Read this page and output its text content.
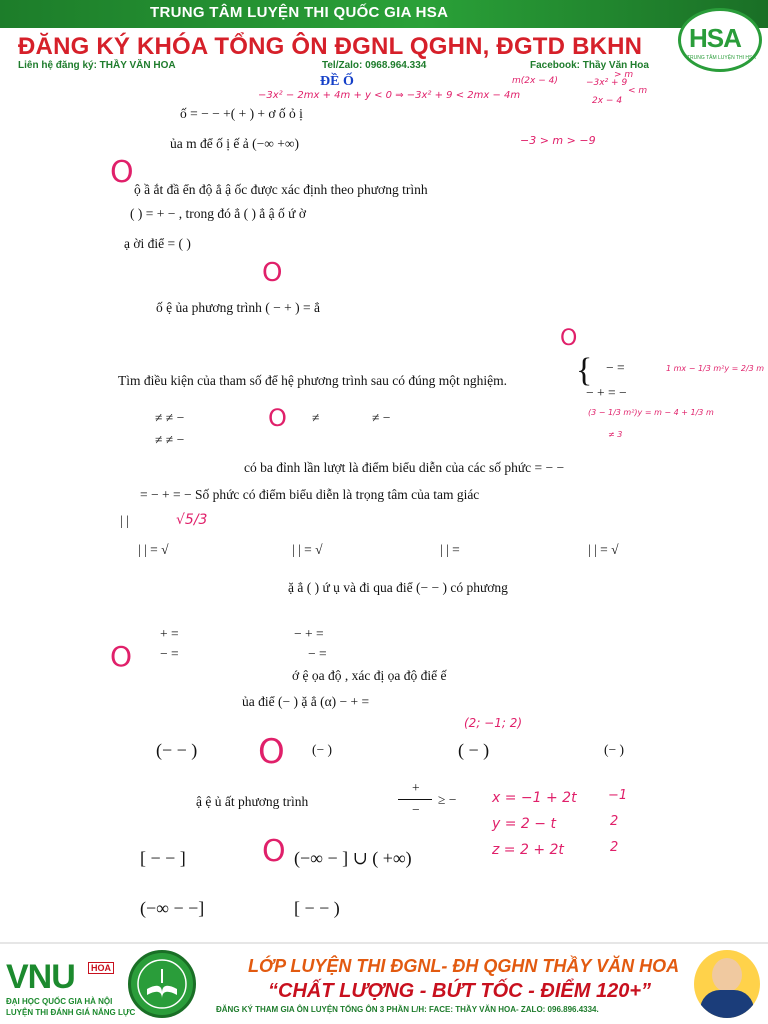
TRUNG TÂM LUYỆN THI QUỐC GIA HSA
ĐĂNG KÝ KHÓA TỔNG ÔN ĐGNL QGHN, ĐGTD BKHN
Liên hệ đăng ký: THẦY VĂN HOA	Tel/Zalo: 0968.964.334	Facebook: Thầy Văn Hoa
HSA
TRUNG TÂM LUYỆN THI HSA
ĐỀ Ố
ố = − − +( + ) + ơ ố ỏ ị
ủa m để ố ị ế ả (−∞ +∞)
ộ ầ ắt đầ ển độ ẳ ậ ốc được xác định theo phương trình
( ) = + − , trong đó ẳ ( ) ẳ ậ ố ứ ờ
ạ ời điể = ( )
ố ệ ủa phương trình ( − + ) = ẳ
Tìm điều kiện của tham số để hệ phương trình sau có đúng một nghiệm. { − =
− + = −
≠ ≠ −
≠ ≠ −
≠	≠ −
có ba đỉnh lần lượt là điểm biểu diễn của các số phức = − −
= − + = − Số phức có điểm biểu diễn là trọng tâm của tam giác
| |
| | = √	| | = √	| | =	| | = √
ặ ẳ ( ) ứ ụ và đi qua điể (− − ) có phương
+ =
− =
− + =
− =
ớ ệ ọa độ , xác đị ọa độ điể ế
ủa điể (− ) ặ ẳ (α) − + =
(− − )	(− )	( − )	(− )
ậ ệ ủ ất phương trình
+
−
≥ −
[ − − ]	(−∞ − ] ∪ ( +∞)
(−∞ − −]	[ − − )
−3x² − 2mx + 4m + y < 0 ⇒ −3x² + 9 < 2mx − 4m
m(2x − 4)	−3x² + 9
2x − 4
< m
> m
−3 > m > −9
1 mx − 1/3 m²y = 2/3 m
(3 − 1/3 m²)y = m − 4 + 1/3 m
≠ 3
√5/3
(2; −1; 2)
x = −1 + 2t
y = 2 − t
z = 2 + 2t
−1
2
2
O
O
O
O
O
O
O
VNU	HOA
ĐẠI HỌC QUỐC GIA HÀ NỘI
LUYỆN THI ĐÁNH GIÁ NĂNG LỰC
LỚP LUYỆN THI ĐGNL- ĐH QGHN THẦY VĂN HOA
“CHẤT LƯỢNG - BỨT TỐC - ĐIỂM 120+”
ĐĂNG KÝ THAM GIA ÔN LUYỆN TỔNG ÔN 3 PHẦN L/H: FACE: THẦY VĂN HOA- ZALO: 096.896.4334.
